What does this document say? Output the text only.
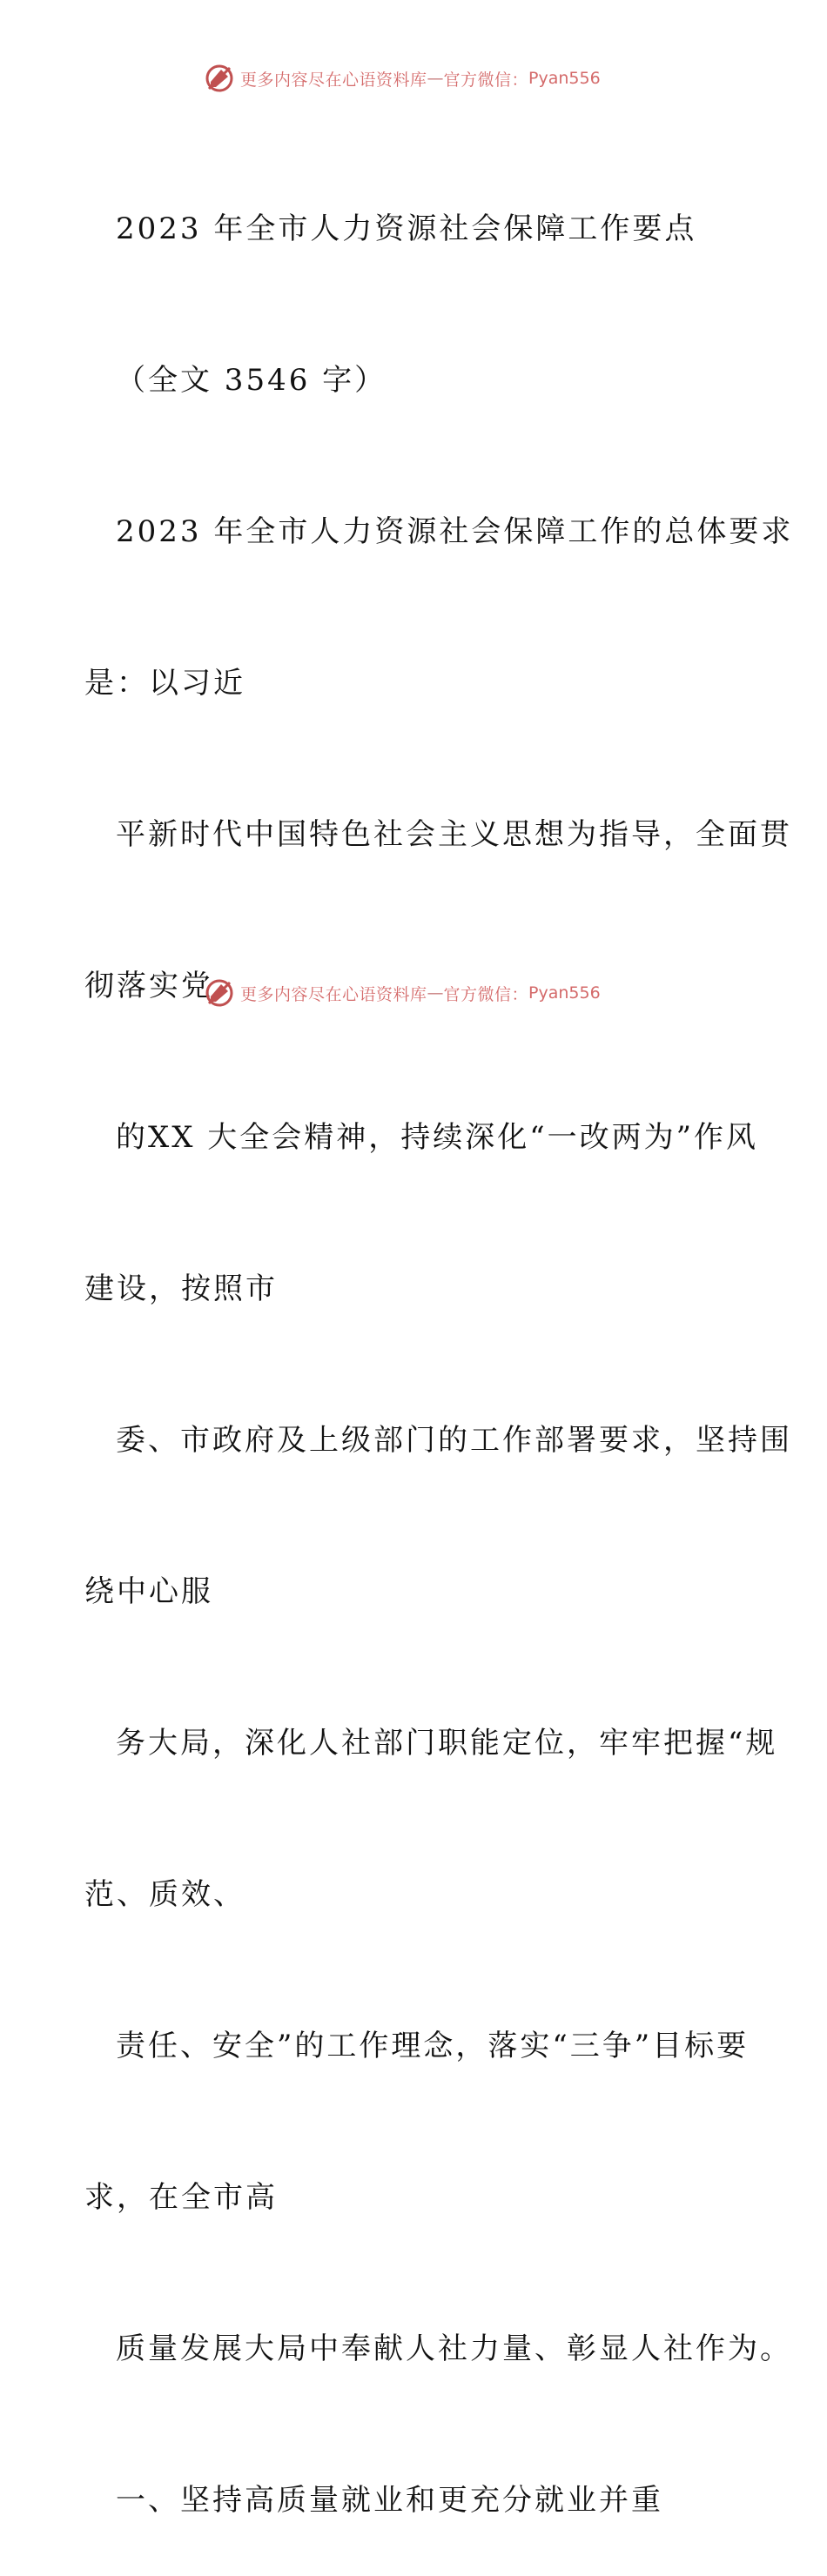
更多内容尽在心语资料库 — 官方微信： Pyan556

2023 年全市人力资源社会保障工作要点

（全文 3546 字）

2023 年全市人力资源社会保障工作的总体要求

是：以习近

平新时代中国特色社会主义思想为指导，全面贯

彻落实党

的XX 大全会精神，持续深化“一改两为”作风

建设，按照市

委、市政府及上级部门的工作部署要求，坚持围

绕中心服

务大局，深化人社部门职能定位，牢牢把握“规

范、质效、

责任、安全”的工作理念，落实“三争”目标要

求，在全市高

质量发展大局中奉献人社力量、彰显人社作为。

一、坚持高质量就业和更充分就业并重

更多内容尽在心语资料库 — 官方微信： Pyan556
